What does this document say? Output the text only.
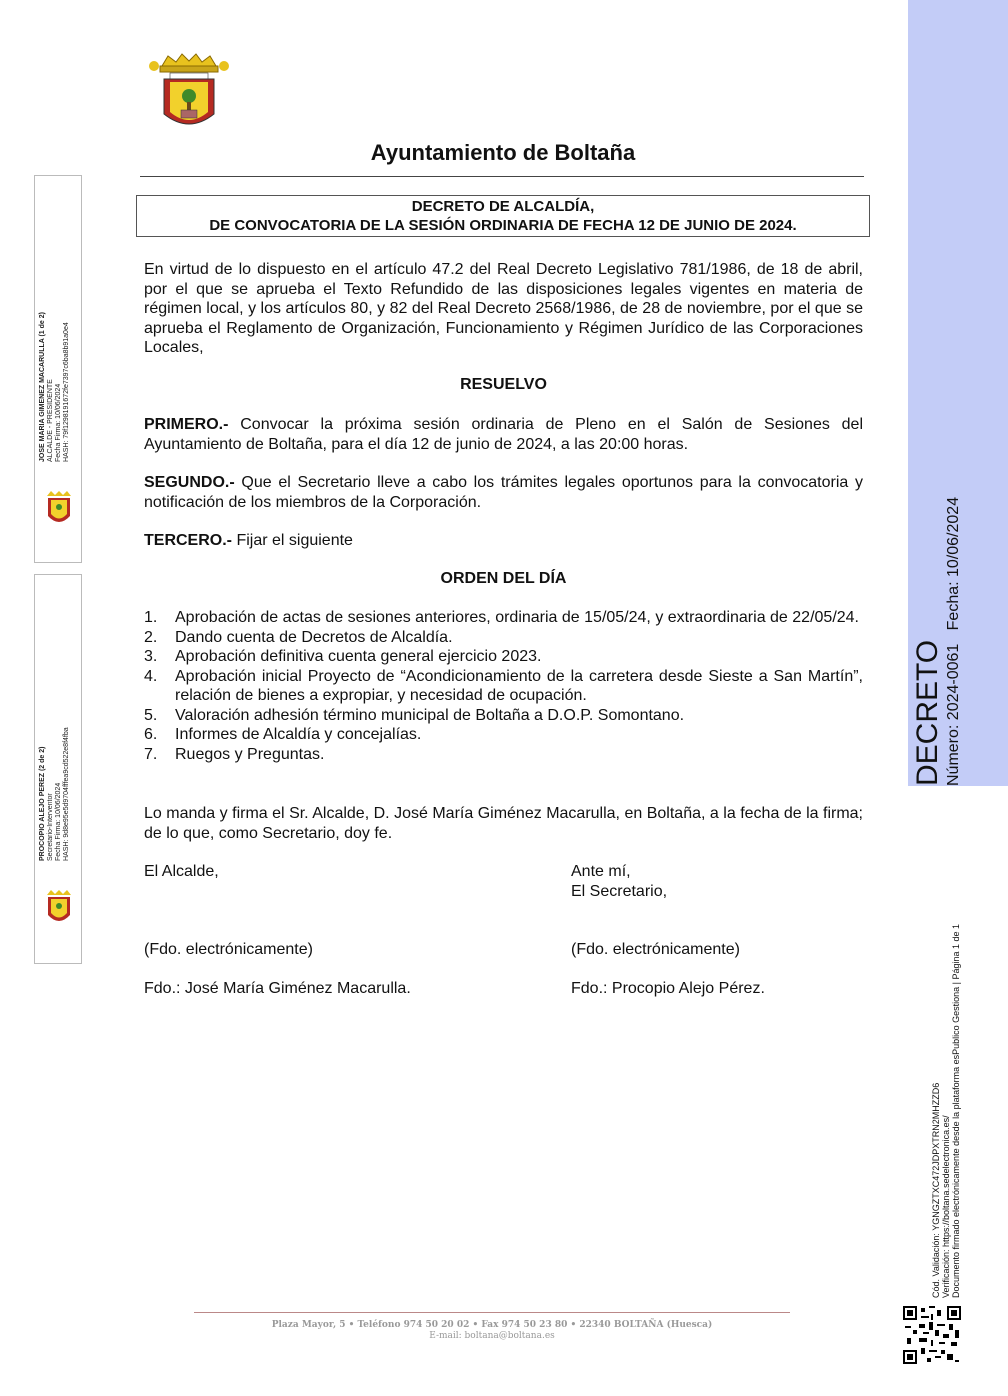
Ayuntamiento de Boltaña
DECRETO DE ALCALDÍA,
DE CONVOCATORIA DE LA SESIÓN ORDINARIA DE FECHA 12 DE JUNIO DE 2024.
En virtud de lo dispuesto en el artículo 47.2 del Real Decreto Legislativo 781/1986, de 18 de abril, por el que se aprueba el Texto Refundido de las disposiciones legales vigentes en materia de régimen local, y los artículos 80, y 82 del Real Decreto 2568/1986, de 28 de noviembre, por el que se aprueba el Reglamento de Organización, Funcionamiento y Régimen Jurídico de las Corporaciones Locales,
RESUELVO
PRIMERO.- Convocar la próxima sesión ordinaria de Pleno en el Salón de Sesiones del Ayuntamiento de Boltaña, para el día 12 de junio de 2024, a las 20:00 horas.
SEGUNDO.- Que el Secretario lleve a cabo los trámites legales oportunos para la convocatoria y notificación de los miembros de la Corporación.
TERCERO.- Fijar el siguiente
ORDEN DEL DÍA
1. Aprobación de actas de sesiones anteriores, ordinaria de 15/05/24, y extraordinaria de 22/05/24.
2. Dando cuenta de Decretos de Alcaldía.
3. Aprobación definitiva cuenta general ejercicio 2023.
4. Aprobación inicial Proyecto de “Acondicionamiento de la carretera desde Sieste a San Martín”, relación de bienes a expropiar, y necesidad de ocupación.
5. Valoración adhesión término municipal de Boltaña a D.O.P. Somontano.
6. Informes de Alcaldía y concejalías.
7. Ruegos y Preguntas.
Lo manda y firma el Sr. Alcalde, D. José María Giménez Macarulla, en Boltaña, a la fecha de la firma; de lo que, como Secretario, doy fe.
El Alcalde,	Ante mí,
El Secretario,
(Fdo. electrónicamente)	(Fdo. electrónicamente)
Fdo.: José María Giménez Macarulla.	Fdo.: Procopio Alejo Pérez.
Plaza Mayor, 5 • Teléfono 974 50 20 02 • Fax 974 50 23 80 • 22340 BOLTAÑA (Huesca)
E-mail: boltana@boltana.es
JOSE MARIA GIMENEZ MACARULLA (1 de 2) ALCALDE - PRESIDENTE Fecha Firma: 10/06/2024 HASH: 79f1298191672fe7397c6ba8b91a0e4
PROCOPIO ALEJO PEREZ (2 de 2) Secretario-Interventor Fecha Firma: 10/06/2024 HASH: 9d8e95e5d9704fffea9cd522e8f4fba
DECRETO Número: 2024-0061   Fecha: 10/06/2024
Cód. Validación: YGNGZTXC472JDPXTRN2MHZZD6 Verificación: https://boltana.sedelectronica.es/ Documento firmado electrónicamente desde la plataforma esPublico Gestiona | Página 1 de 1
